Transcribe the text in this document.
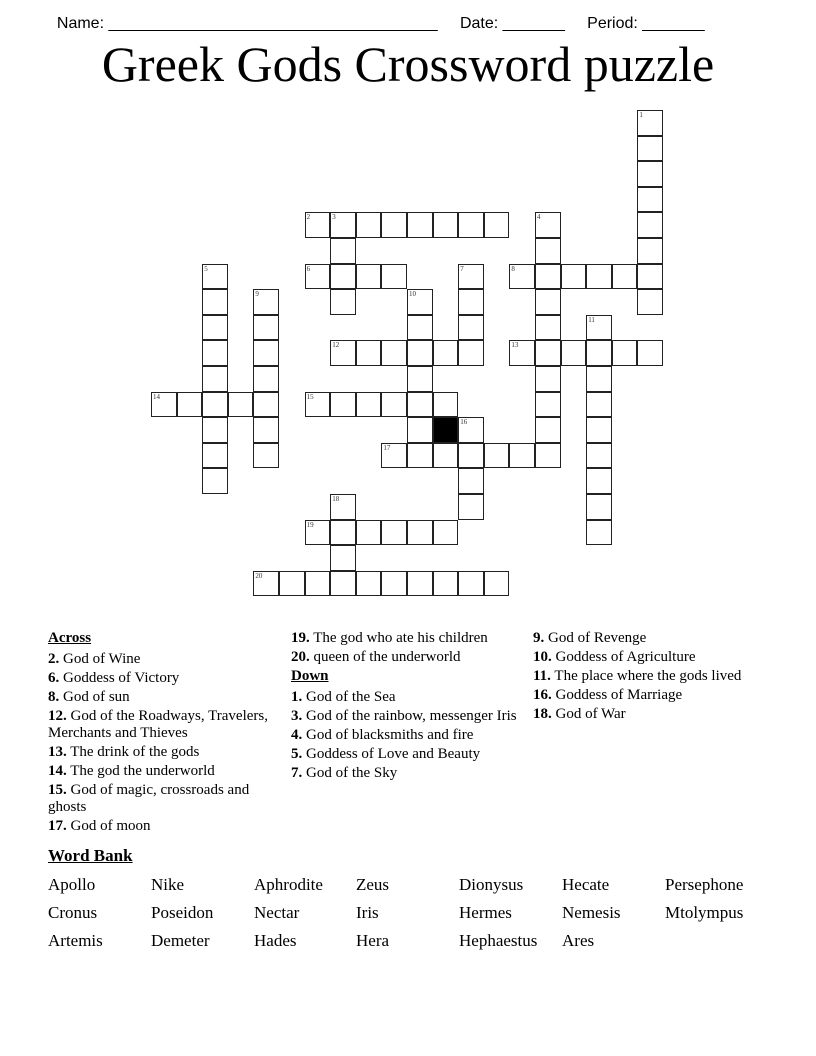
Name: _____________________________________ Date: _______ Period: _______

Greek Gods Crossword puzzle
1
2	3	4
5	6	7	8
9	10
11
12	13
14	15
16
17
18
19
20
Across
2. God of Wine
6. Goddess of Victory
8. God of sun
12. God of the Roadways, Travelers, Merchants and Thieves
13. The drink of the gods
14. The god the underworld
15. God of magic, crossroads and ghosts
17. God of moon
19. The god who ate his children
20. queen of the underworld
Down
1. God of the Sea
3. God of the rainbow, messenger Iris
4. God of blacksmiths and fire
5. Goddess of Love and Beauty
7. God of the Sky
9. God of Revenge
10. Goddess of Agriculture
11. The place where the gods lived
16. Goddess of Marriage
18. God of War
Word Bank
Apollo	Nike	Aphrodite	Zeus	Dionysus	Hecate	Persephone
Cronus	Poseidon	Nectar	Iris	Hermes	Nemesis	Mtolympus
Artemis	Demeter	Hades	Hera	Hephaestus	Ares
